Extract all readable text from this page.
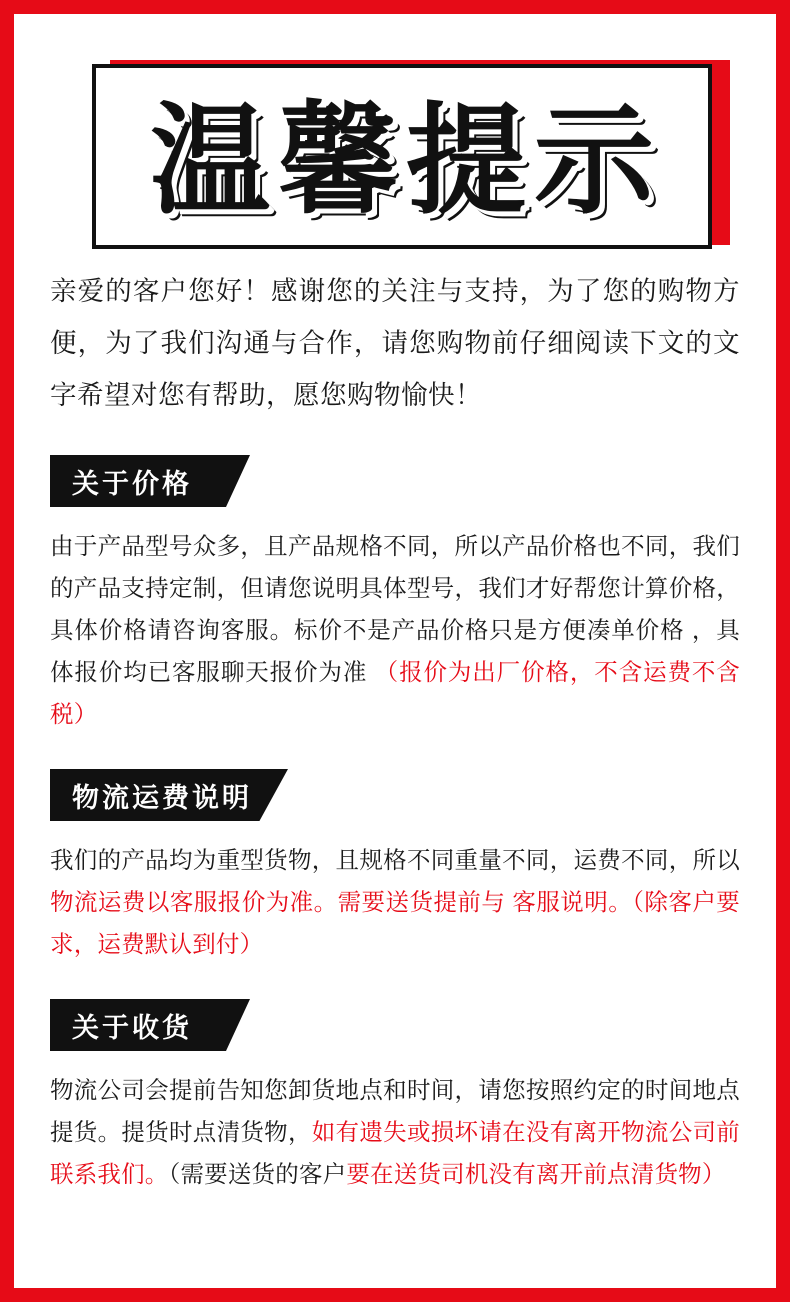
温馨提示
亲爱的客户您好！感谢您的关注与支持，为了您的购物方便，为了我们沟通与合作，请您购物前仔细阅读下文的文字希望对您有帮助，愿您购物愉快！
关于价格
由于产品型号众多，且产品规格不同，所以产品价格也不同，我们的产品支持定制，但请您说明具体型号，我们才好帮您计算价格，具体价格请咨询客服。标价不是产品价格只是方便凑单价格 ，具体报价均已客服聊天报价为准 （报价为出厂价格，不含运费不含税）
物流运费说明
我们的产品均为重型货物，且规格不同重量不同，运费不同，所以物流运费以客服报价为准。需要送货提前与 客服说明。（除客户要求，运费默认到付）
关于收货
物流公司会提前告知您卸货地点和时间，请您按照约定的时间地点提货。提货时点清货物，如有遗失或损坏请在没有离开物流公司前联系我们。（需要送货的客户要在送货司机没有离开前点清货物）
